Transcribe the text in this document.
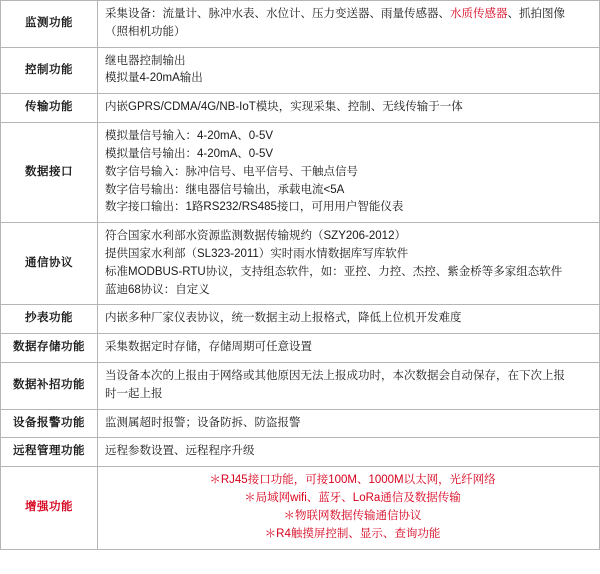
监测功能	采集设备：流量计、脉冲水表、水位计、压力变送器、雨量传感器、水质传感器、抓拍图像
（照相机功能）

控制功能	继电器控制输出
模拟量4-20mA输出

传输功能	内嵌GPRS/CDMA/4G/NB-IoT模块，实现采集、控制、无线传输于一体

数据接口	模拟量信号输入：4-20mA、0-5V
模拟量信号输出：4-20mA、0-5V
数字信号输入：脉冲信号、电平信号、干触点信号
数字信号输出：继电器信号输出，承载电流<5A
数字接口输出：1路RS232/RS485接口，可用用户智能仪表

通信协议	符合国家水利部水资源监测数据传输规约（SZY206-2012）
提供国家水利部（SL323-2011）实时雨水情数据库写库软件
标准MODBUS-RTU协议，支持组态软件，如：亚控、力控、杰控、紫金桥等多家组态软件
蓝迪68协议：自定义

抄表功能	内嵌多种厂家仪表协议，统一数据主动上报格式，降低上位机开发难度

数据存储功能	采集数据定时存储，存储周期可任意设置

数据补招功能	当设备本次的上报由于网络或其他原因无法上报成功时，本次数据会自动保存，在下次上报
时一起上报

设备报警功能	监测属超时报警；设备防拆、防盗报警

远程管理功能	远程参数设置、远程程序升级

增强功能	＊RJ45接口功能，可接100M、1000M以太网，光纤网络
＊局域网wifi、蓝牙、LoRa通信及数据传输
＊物联网数据传输通信协议
＊R4触摸屏控制、显示、查询功能
